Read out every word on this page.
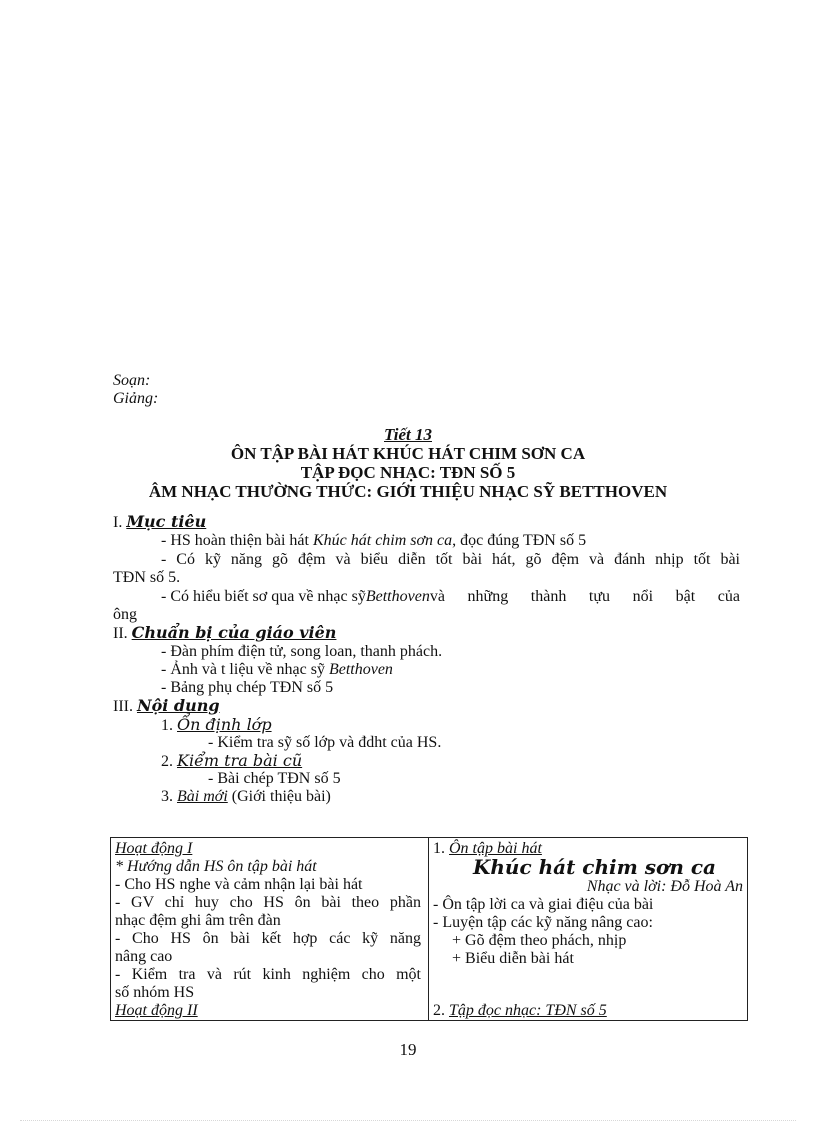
Soạn:
Giảng:
Tiết 13
ÔN TẬP BÀI HÁT KHÚC HÁT CHIM SƠN CA
TẬP ĐỌC NHẠC: TĐN SỐ 5
ÂM NHẠC THƯỜNG THỨC: GIỚI THIỆU NHẠC SỸ BETTHOVEN
I. Mục tiêu
- HS hoàn thiện bài hát Khúc hát chim sơn ca, đọc đúng TĐN số 5
- Có kỹ năng gõ đệm và biểu diễn tốt bài hát, gõ đệm và đánh nhịp tốt bài
TĐN số 5.
- Có hiểu biết sơ qua về nhạc sỹ Betthoven và những thành tựu nổi bật của
ông
II. Chuẩn bị của giáo viên
- Đàn phím điện tử, song loan, thanh phách.
- Ảnh và t liệu về nhạc sỹ Betthoven
- Bảng phụ chép TĐN số 5
III. Nội dung
1. Ổn định lớp
- Kiểm tra sỹ số lớp và đdht của HS.
2. Kiểm tra bài cũ
- Bài chép TĐN số 5
3. Bài mới (Giới thiệu bài)
Hoạt động I
* Hướng dẫn HS ôn tập bài hát
- Cho HS nghe và cảm nhận lại bài hát
- GV chỉ huy cho HS ôn bài theo phần
nhạc đệm ghi âm trên đàn
- Cho HS ôn bài kết hợp các kỹ năng
nâng cao
- Kiểm tra và rút kinh nghiệm cho một
số nhóm HS
Hoạt động II
1. Ôn tập bài hát
Khúc hát chim sơn ca
Nhạc và lời: Đỗ Hoà An
- Ôn tập lời ca và giai điệu của bài
- Luyện tập các kỹ năng nâng cao:
+ Gõ đệm theo phách, nhịp
+ Biểu diễn bài hát
2. Tập đọc nhạc: TĐN số 5
19
